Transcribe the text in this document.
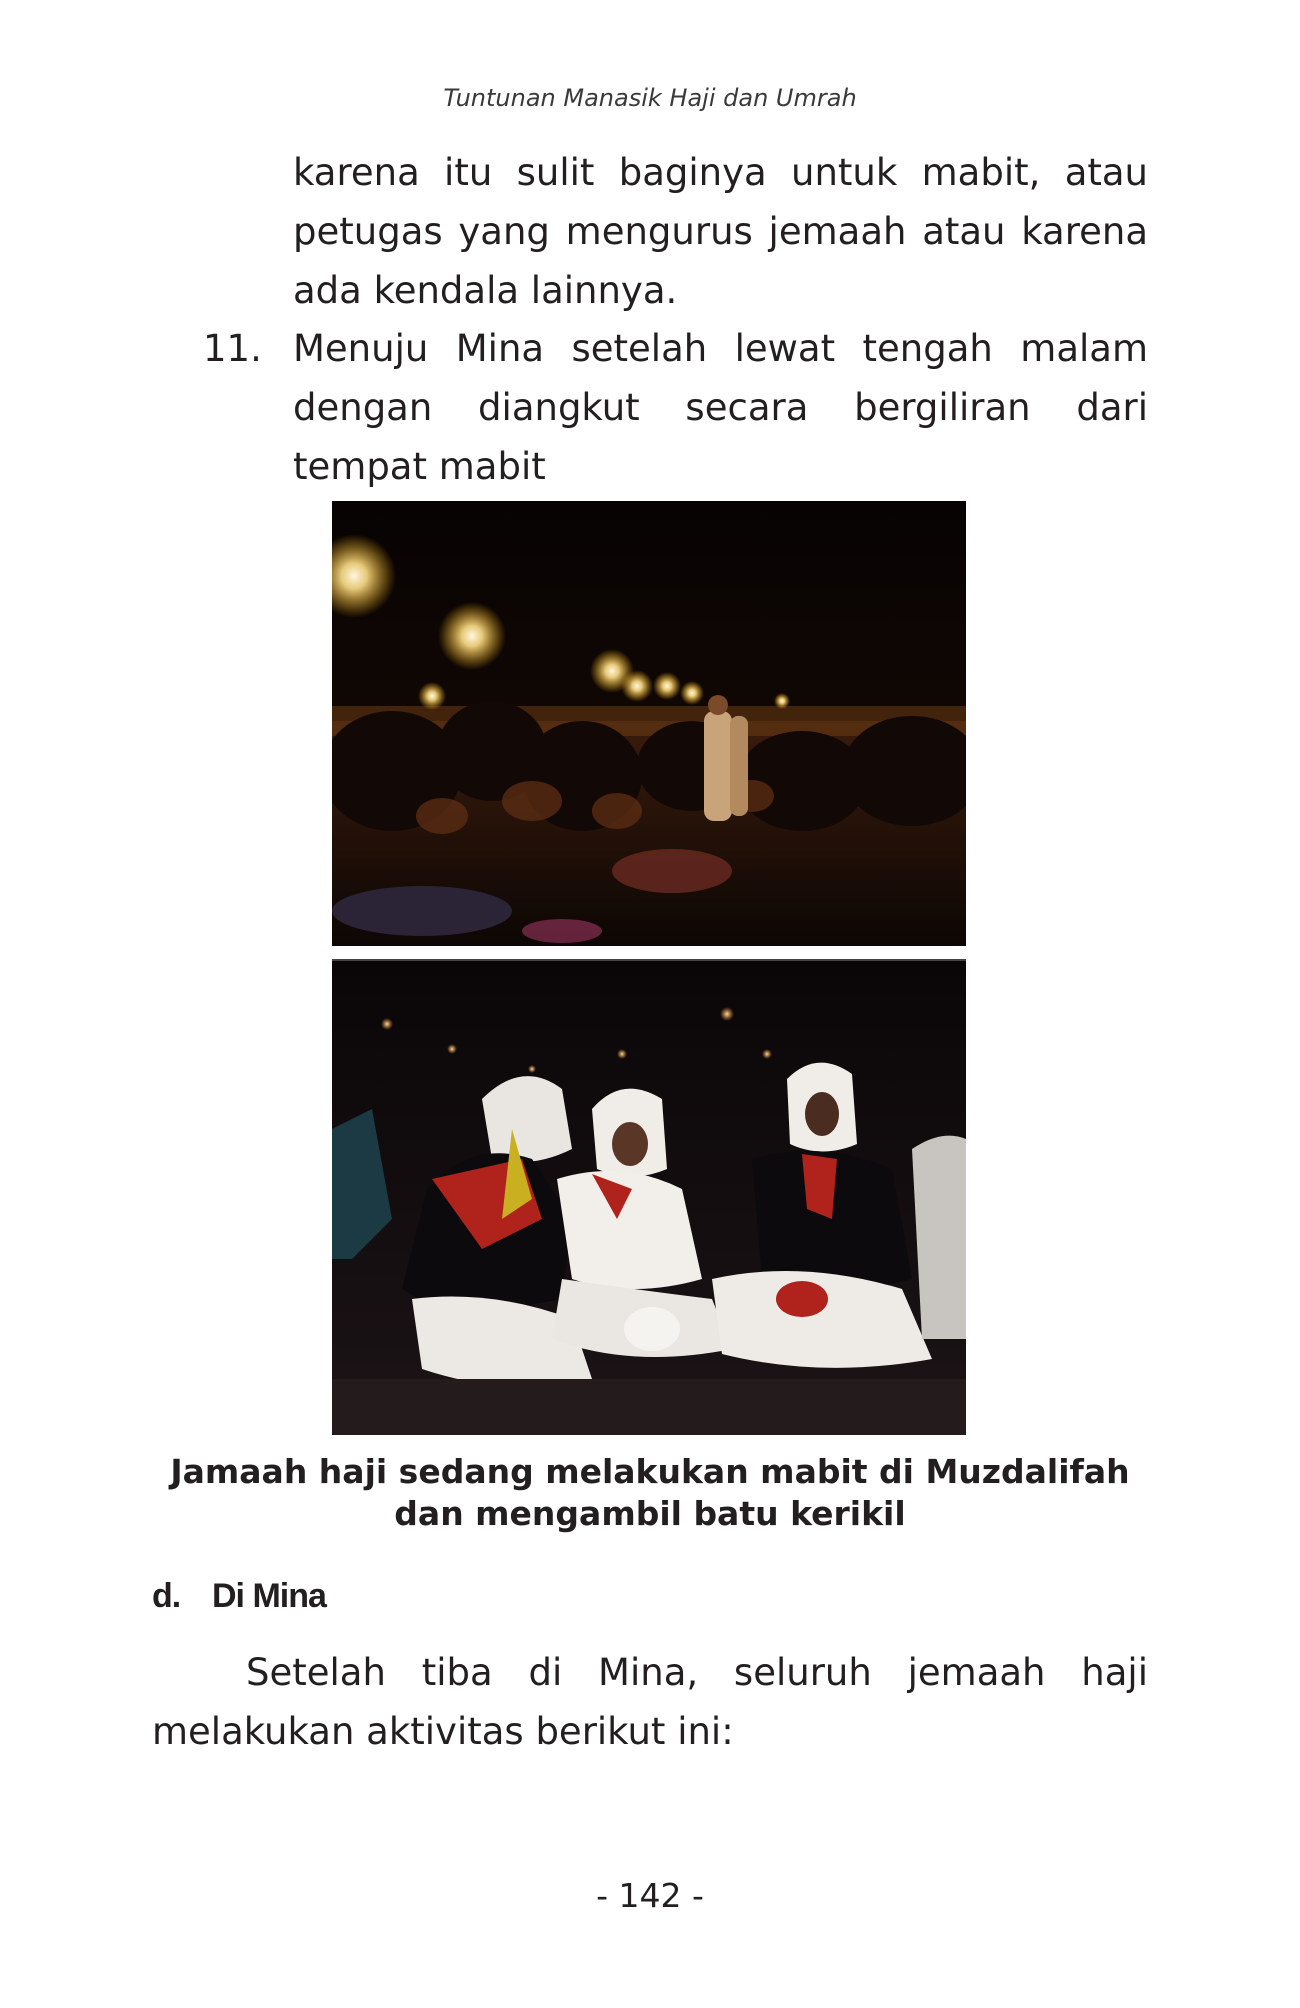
Tuntunan Manasik Haji dan Umrah
karena itu sulit baginya untuk mabit, atau petugas yang mengurus jemaah atau karena ada kendala lainnya.
11. Menuju Mina setelah lewat tengah malam dengan diangkut secara bergiliran dari tempat mabit
Jamaah haji sedang melakukan mabit di Muzdalifah
dan mengambil batu kerikil
d. Di Mina
Setelah tiba di Mina, seluruh jemaah haji melakukan aktivitas berikut ini:
- 142 -
